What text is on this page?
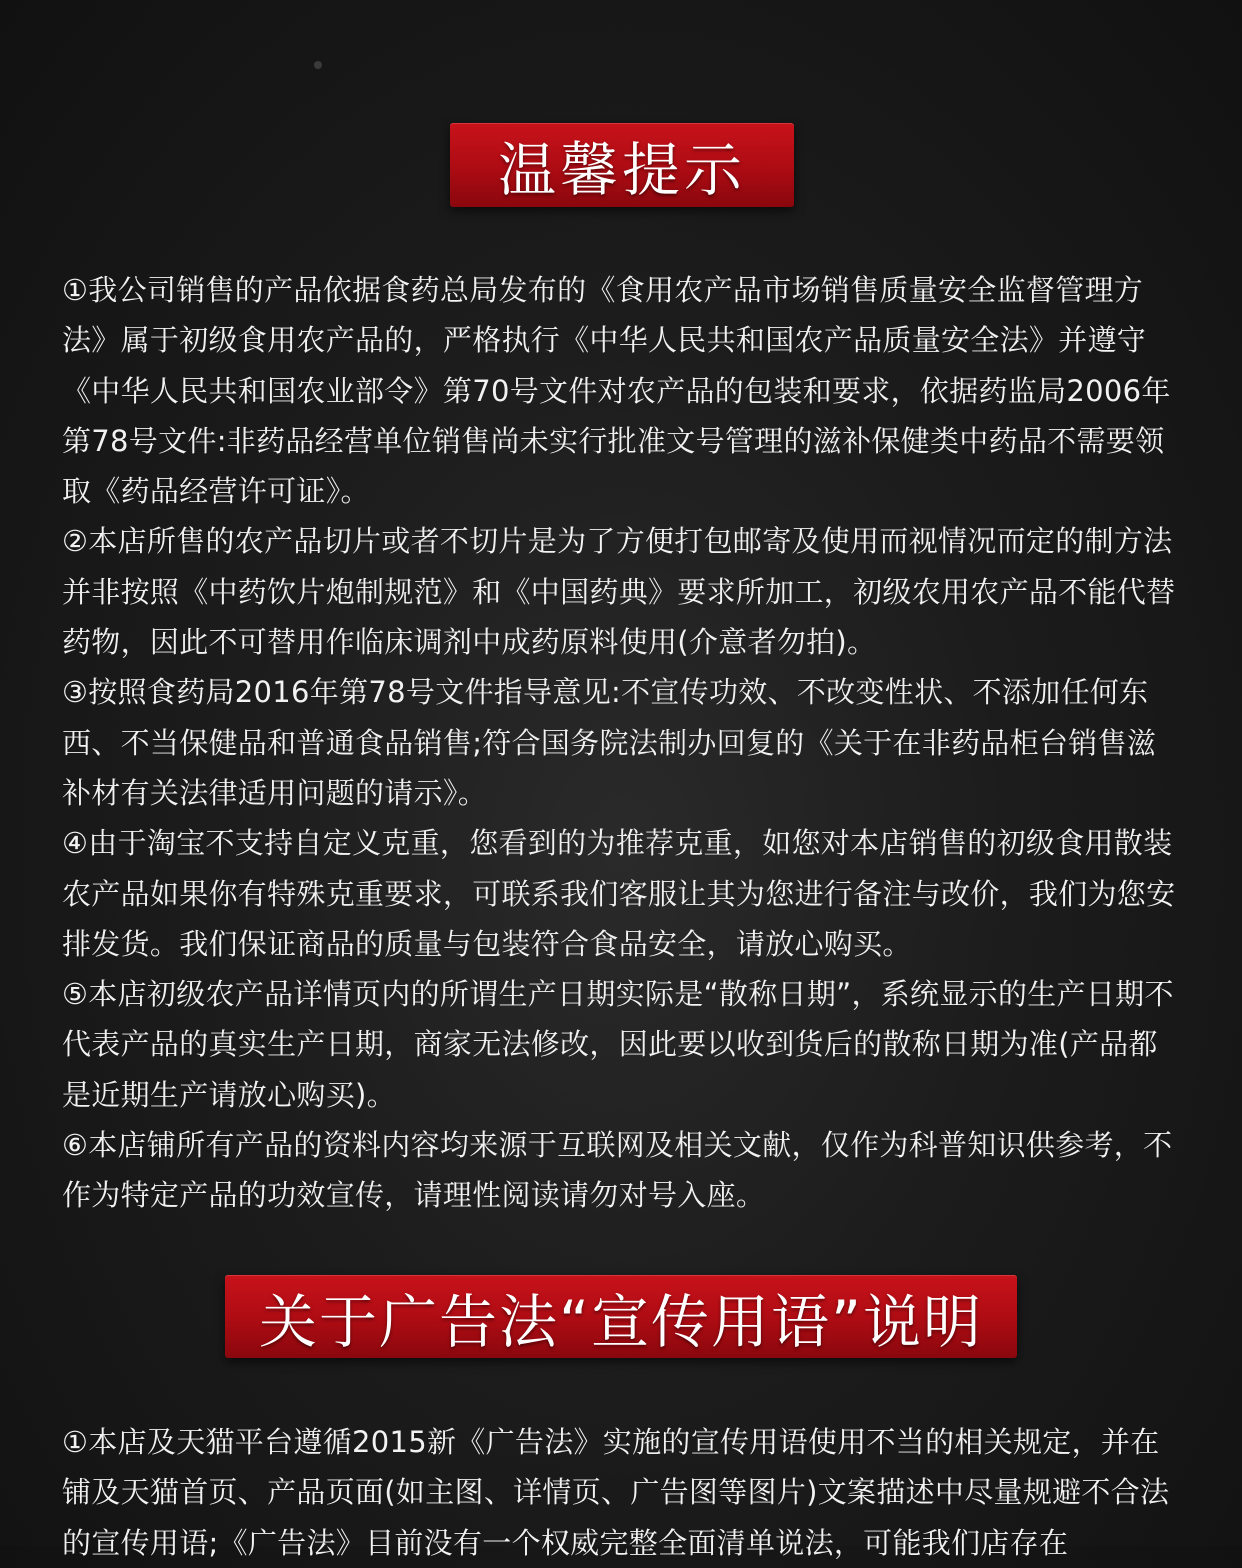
温馨提示

①我公司销售的产品依据食药总局发布的《食用农产品市场销售质量安全监督管理方法》属于初级食用农产品的，严格执行《中华人民共和国农产品质量安全法》并遵守《中华人民共和国农业部令》第70号文件对农产品的包装和要求，依据药监局2006年第78号文件:非药品经营单位销售尚未实行批准文号管理的滋补保健类中药品不需要领取《药品经营许可证》。

②本店所售的农产品切片或者不切片是为了方便打包邮寄及使用而视情况而定的制方法并非按照《中药饮片炮制规范》和《中国药典》要求所加工，初级农用农产品不能代替药物，因此不可替用作临床调剂中成药原料使用(介意者勿拍)。

③按照食药局2016年第78号文件指导意见:不宣传功效、不改变性状、不添加任何东西、不当保健品和普通食品销售;符合国务院法制办回复的《关于在非药品柜台销售滋补材有关法律适用问题的请示》。

④由于淘宝不支持自定义克重，您看到的为推荐克重，如您对本店销售的初级食用散装农产品如果你有特殊克重要求，可联系我们客服让其为您进行备注与改价，我们为您安排发货。我们保证商品的质量与包装符合食品安全，请放心购买。

⑤本店初级农产品详情页内的所谓生产日期实际是“散称日期”，系统显示的生产日期不代表产品的真实生产日期，商家无法修改，因此要以收到货后的散称日期为准(产品都是近期生产请放心购买)。

⑥本店铺所有产品的资料内容均来源于互联网及相关文献，仅作为科普知识供参考，不作为特定产品的功效宣传，请理性阅读请勿对号入座。

关于广告法“宣传用语”说明

①本店及天猫平台遵循2015新《广告法》实施的宣传用语使用不当的相关规定，并在铺及天猫首页、产品页面(如主图、详情页、广告图等图片)文案描述中尽量规避不合法的宣传用语;《广告法》目前没有一个权威完整全面清单说法，可能我们店存在
